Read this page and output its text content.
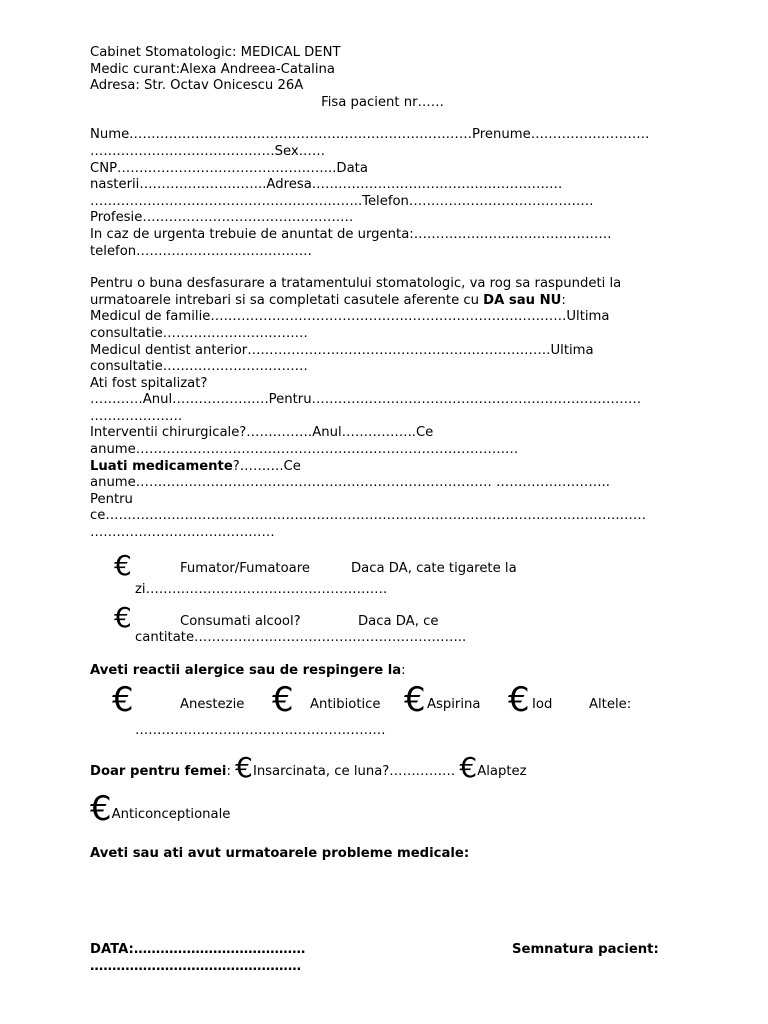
Cabinet Stomatologic: MEDICAL DENT
Medic curant:Alexa Andreea-Catalina
Adresa: Str. Octav Onicescu 26A
Fisa pacient nr……
Nume……………………………………………………………………Prenume………………………
……………………………………Sex……
CNP…………………………………………..Data
nasterii………………………..Adresa…………………………………………………
……………………………………………………..Telefon……………………………………
Profesie…………………………………………
In caz de urgenta trebuie de anuntat de urgenta:………………………………………
telefon………………………………….
Pentru o buna desfasurare a tratamentului stomatologic, va rog sa raspundeti la urmatoarele intrebari si sa completati casutele aferente cu DA sau NU:
Medicul de familie………………………………………………………………………Ultima
consultatie……………………………
Medicul dentist anterior……………………………………………………………Ultima
consultatie……………………………
Ati fost spitalizat?
…………Anul………………….Pentru…………………………………………………………………
…………………
Interventii chirurgicale?……………Anul……………..Ce
anume……………………………………………………………………………
Luati medicamente?……….Ce
anume……………………………………………………………………… ……………………..
Pentru
ce……………………………………………………………………………………………………………
……………………………………
€	Fumator/Fumatoare	Daca DA, cate tigarete la
zi……………………………………………….
€	Consumati alcool?	Daca DA, ce
cantitate……………………………………………………..
Aveti reactii alergice sau de respingere la:
€	Anestezie € Antibiotice € Aspirina € Iod	Altele:
…………………………………………………
Doar pentru femei: €Insarcinata, ce luna?…………… €Alaptez
€Anticonceptionale
Aveti sau ati avut urmatoarele probleme medicale:
DATA:…………………………………	Semnatura pacient:
…………………………………………
